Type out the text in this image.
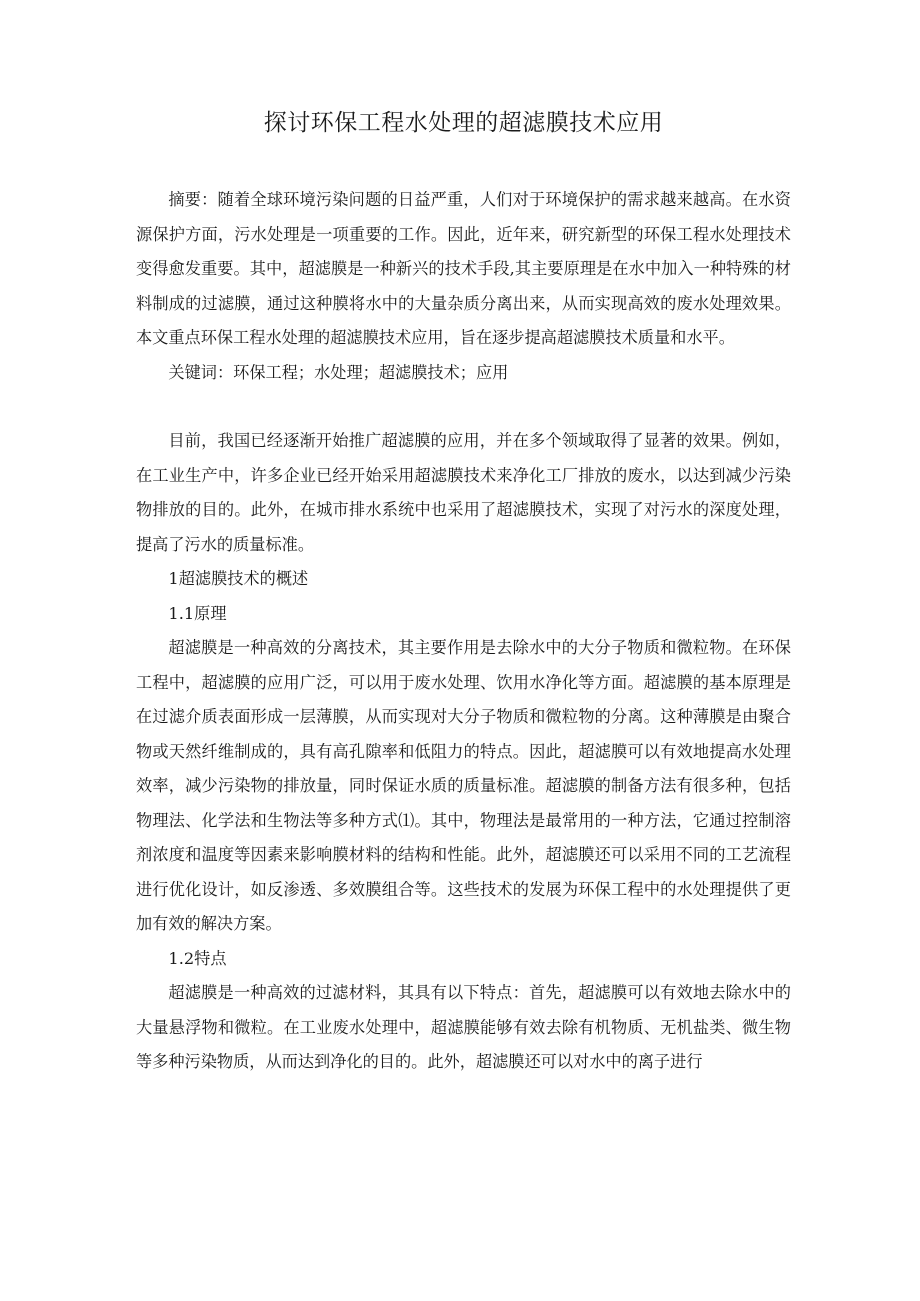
探讨环保工程水处理的超滤膜技术应用

摘要：随着全球环境污染问题的日益严重，人们对于环境保护的需求越来越高。在水资源保护方面，污水处理是一项重要的工作。因此，近年来，研究新型的环保工程水处理技术变得愈发重要。其中，超滤膜是一种新兴的技术手段,其主要原理是在水中加入一种特殊的材料制成的过滤膜，通过这种膜将水中的大量杂质分离出来，从而实现高效的废水处理效果。本文重点环保工程水处理的超滤膜技术应用，旨在逐步提高超滤膜技术质量和水平。

关键词：环保工程；水处理；超滤膜技术；应用

目前，我国已经逐渐开始推广超滤膜的应用，并在多个领域取得了显著的效果。例如，在工业生产中，许多企业已经开始采用超滤膜技术来净化工厂排放的废水，以达到减少污染物排放的目的。此外，在城市排水系统中也采用了超滤膜技术，实现了对污水的深度处理，提高了污水的质量标准。

1超滤膜技术的概述

1.1原理

超滤膜是一种高效的分离技术，其主要作用是去除水中的大分子物质和微粒物。在环保工程中，超滤膜的应用广泛，可以用于废水处理、饮用水净化等方面。超滤膜的基本原理是在过滤介质表面形成一层薄膜，从而实现对大分子物质和微粒物的分离。这种薄膜是由聚合物或天然纤维制成的，具有高孔隙率和低阻力的特点。因此，超滤膜可以有效地提高水处理效率，减少污染物的排放量，同时保证水质的质量标准。超滤膜的制备方法有很多种，包括物理法、化学法和生物法等多种方式⑴。其中，物理法是最常用的一种方法，它通过控制溶剂浓度和温度等因素来影响膜材料的结构和性能。此外，超滤膜还可以采用不同的工艺流程进行优化设计，如反渗透、多效膜组合等。这些技术的发展为环保工程中的水处理提供了更加有效的解决方案。

1.2特点

超滤膜是一种高效的过滤材料，其具有以下特点：首先，超滤膜可以有效地去除水中的大量悬浮物和微粒。在工业废水处理中，超滤膜能够有效去除有机物质、无机盐类、微生物等多种污染物质，从而达到净化的目的。此外，超滤膜还可以对水中的离子进行
